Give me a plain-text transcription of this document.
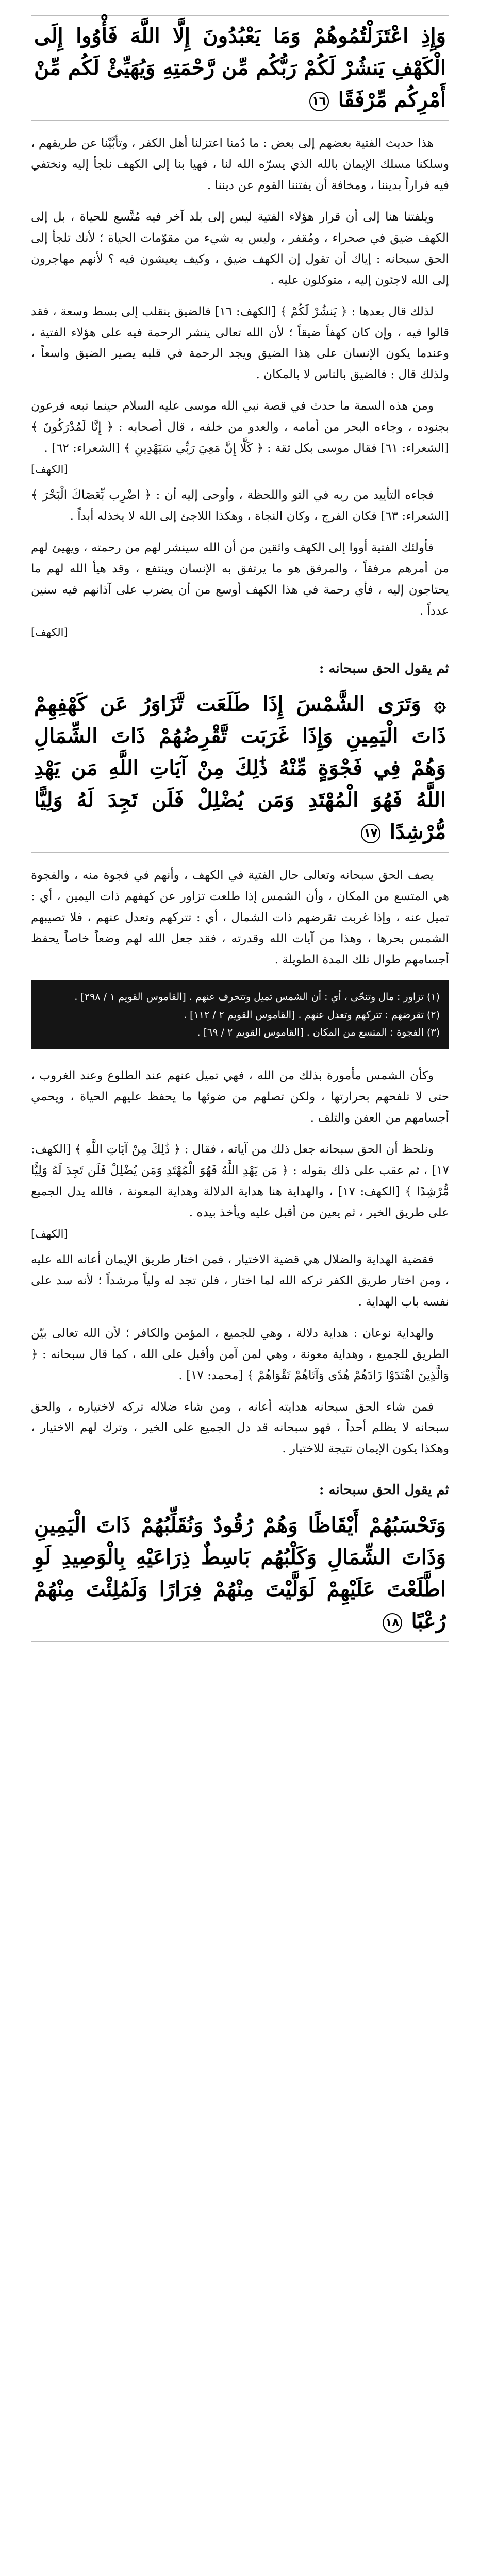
وَإِذِ اعْتَزَلْتُمُوهُمْ وَمَا يَعْبُدُونَ إِلَّا اللَّهَ فَأْوُوا إِلَى الْكَهْفِ يَنشُرْ لَكُمْ رَبُّكُم مِّن رَّحْمَتِهِ وَيُهَيِّئْ لَكُم مِّنْ أَمْرِكُم مِّرْفَقًا ١٦

هذا حديث الفتية بعضهم إلى بعض : ما دُمنا اعتزلنا أهل الكفر ، وتأبَّيْنا عن طريقهم ، وسلكنا مسلك الإيمان بالله الذي يسرّه الله لنا ، فهيا بنا إلى الكهف نلجأ إليه ونختفي فيه فراراً بديننا ، ومخافة أن يفتننا القوم عن ديننا .

ويلفتنا هنا إلى أن قرار هؤلاء الفتية ليس إلى بلد آخر فيه مُتَّسع للحياة ، بل إلى الكهف ضيق في صحراء ، ومُقفر ، وليس به شيء من مقوّمات الحياة ؛ لأنك تلجأ إلى الحق سبحانه : إياك أن تقول إن الكهف ضيق ، وكيف يعيشون فيه ؟ لأنهم مهاجرون إلى الله لاجئون إليه ، متوكلون عليه .

لذلك قال بعدها : ﴿ يَنشُرْ لَكُمْ ﴾ [الكهف: ١٦] فالضيق ينقلب إلى بسط وسعة ، فقد قالوا فيه ، وإن كان كهفاً ضيقاً ؛ لأن الله تعالى ينشر الرحمة فيه على هؤلاء الفتية ، وعندما يكون الإنسان على هذا الضيق ويجد الرحمة في قلبه يصير الضيق واسعاً ، ولذلك قال : فالضيق بالناس لا بالمكان .

ومن هذه السمة ما حدث في قصة نبي الله موسى عليه السلام حينما تبعه فرعون بجنوده ، وجاءه البحر من أمامه ، والعدو من خلفه ، قال أصحابه : ﴿ إِنَّا لَمُدْرَكُونَ ﴾ [الشعراء: ٦١] فقال موسى بكل ثقة : ﴿ كَلَّا إِنَّ مَعِيَ رَبِّي سَيَهْدِينِ ﴾ [الشعراء: ٦٢] .

[الكهف]

فجاءه التأييد من ربه في التو واللحظة ، وأوحى إليه أن : ﴿ اضْرِب بِّعَصَاكَ الْبَحْرَ ﴾ [الشعراء: ٦٣] فكان الفرج ، وكان النجاة ، وهكذا اللاجئ إلى الله لا يخذله أبداً .

فأولئك الفتية أووا إلى الكهف واثقين من أن الله سينشر لهم من رحمته ، ويهيئ لهم من أمرهم مرفقاً ، والمرفق هو ما يرتفق به الإنسان وينتفع ، وقد هيأ الله لهم ما يحتاجون إليه ، فأي رحمة في هذا الكهف أوسع من أن يضرب على آذانهم فيه سنين عدداً .

[الكهف]
ثم يقول الحق سبحانه :
۞ وَتَرَى الشَّمْسَ إِذَا طَلَعَت تَّزَاوَرُ عَن كَهْفِهِمْ ذَاتَ الْيَمِينِ وَإِذَا غَرَبَت تَّقْرِضُهُمْ ذَاتَ الشِّمَالِ وَهُمْ فِي فَجْوَةٍ مِّنْهُ ذَٰلِكَ مِنْ آيَاتِ اللَّهِ مَن يَهْدِ اللَّهُ فَهُوَ الْمُهْتَدِ وَمَن يُضْلِلْ فَلَن تَجِدَ لَهُ وَلِيًّا مُّرْشِدًا ١٧

يصف الحق سبحانه وتعالى حال الفتية في الكهف ، وأنهم في فجوة منه ، والفجوة هي المتسع من المكان ، وأن الشمس إذا طلعت تزاور عن كهفهم ذات اليمين ، أي : تميل عنه ، وإذا غربت تقرضهم ذات الشمال ، أي : تتركهم وتعدل عنهم ، فلا تصيبهم الشمس بحرها ، وهذا من آيات الله وقدرته ، فقد جعل الله لهم وضعاً خاصاً يحفظ أجسامهم طوال تلك المدة الطويلة .

(١) تزاور : مال وتنحّى ، أي : أن الشمس تميل وتتحرف عنهم . [القاموس القويم ١ / ٢٩٨] .
(٢) تقرضهم : تتركهم وتعدل عنهم . [القاموس القويم ٢ / ١١٢] .
(٣) الفجوة : المتسع من المكان . [القاموس القويم ٢ / ٦٩] .

وكأن الشمس مأمورة بذلك من الله ، فهي تميل عنهم عند الطلوع وعند الغروب ، حتى لا تلفحهم بحرارتها ، ولكن تصلهم من ضوئها ما يحفظ عليهم الحياة ، ويحمي أجسامهم من العفن والتلف .

ونلحظ أن الحق سبحانه جعل ذلك من آياته ، فقال : ﴿ ذَٰلِكَ مِنْ آيَاتِ اللَّهِ ﴾ [الكهف: ١٧] ، ثم عقب على ذلك بقوله : ﴿ مَن يَهْدِ اللَّهُ فَهُوَ الْمُهْتَدِ وَمَن يُضْلِلْ فَلَن تَجِدَ لَهُ وَلِيًّا مُّرْشِدًا ﴾ [الكهف: ١٧] ، والهداية هنا هداية الدلالة وهداية المعونة ، فالله يدل الجميع على طريق الخير ، ثم يعين من أقبل عليه ويأخذ بيده .

[الكهف]

فقضية الهداية والضلال هي قضية الاختيار ، فمن اختار طريق الإيمان أعانه الله عليه ، ومن اختار طريق الكفر تركه الله لما اختار ، فلن تجد له ولياً مرشداً ؛ لأنه سد على نفسه باب الهداية .

والهداية نوعان : هداية دلالة ، وهي للجميع ، المؤمن والكافر ؛ لأن الله تعالى بيّن الطريق للجميع ، وهداية معونة ، وهي لمن آمن وأقبل على الله ، كما قال سبحانه : ﴿ وَالَّذِينَ اهْتَدَوْا زَادَهُمْ هُدًى وَآتَاهُمْ تَقْوَاهُمْ ﴾ [محمد: ١٧] .

فمن شاء الحق سبحانه هدايته أعانه ، ومن شاء ضلاله تركه لاختياره ، والحق سبحانه لا يظلم أحداً ، فهو سبحانه قد دل الجميع على الخير ، وترك لهم الاختيار ، وهكذا يكون الإيمان نتيجة للاختيار .

ثم يقول الحق سبحانه :
وَتَحْسَبُهُمْ أَيْقَاظًا وَهُمْ رُقُودٌ وَنُقَلِّبُهُمْ ذَاتَ الْيَمِينِ وَذَاتَ الشِّمَالِ وَكَلْبُهُم بَاسِطٌ ذِرَاعَيْهِ بِالْوَصِيدِ لَوِ اطَّلَعْتَ عَلَيْهِمْ لَوَلَّيْتَ مِنْهُمْ فِرَارًا وَلَمُلِئْتَ مِنْهُمْ رُعْبًا ١٨
